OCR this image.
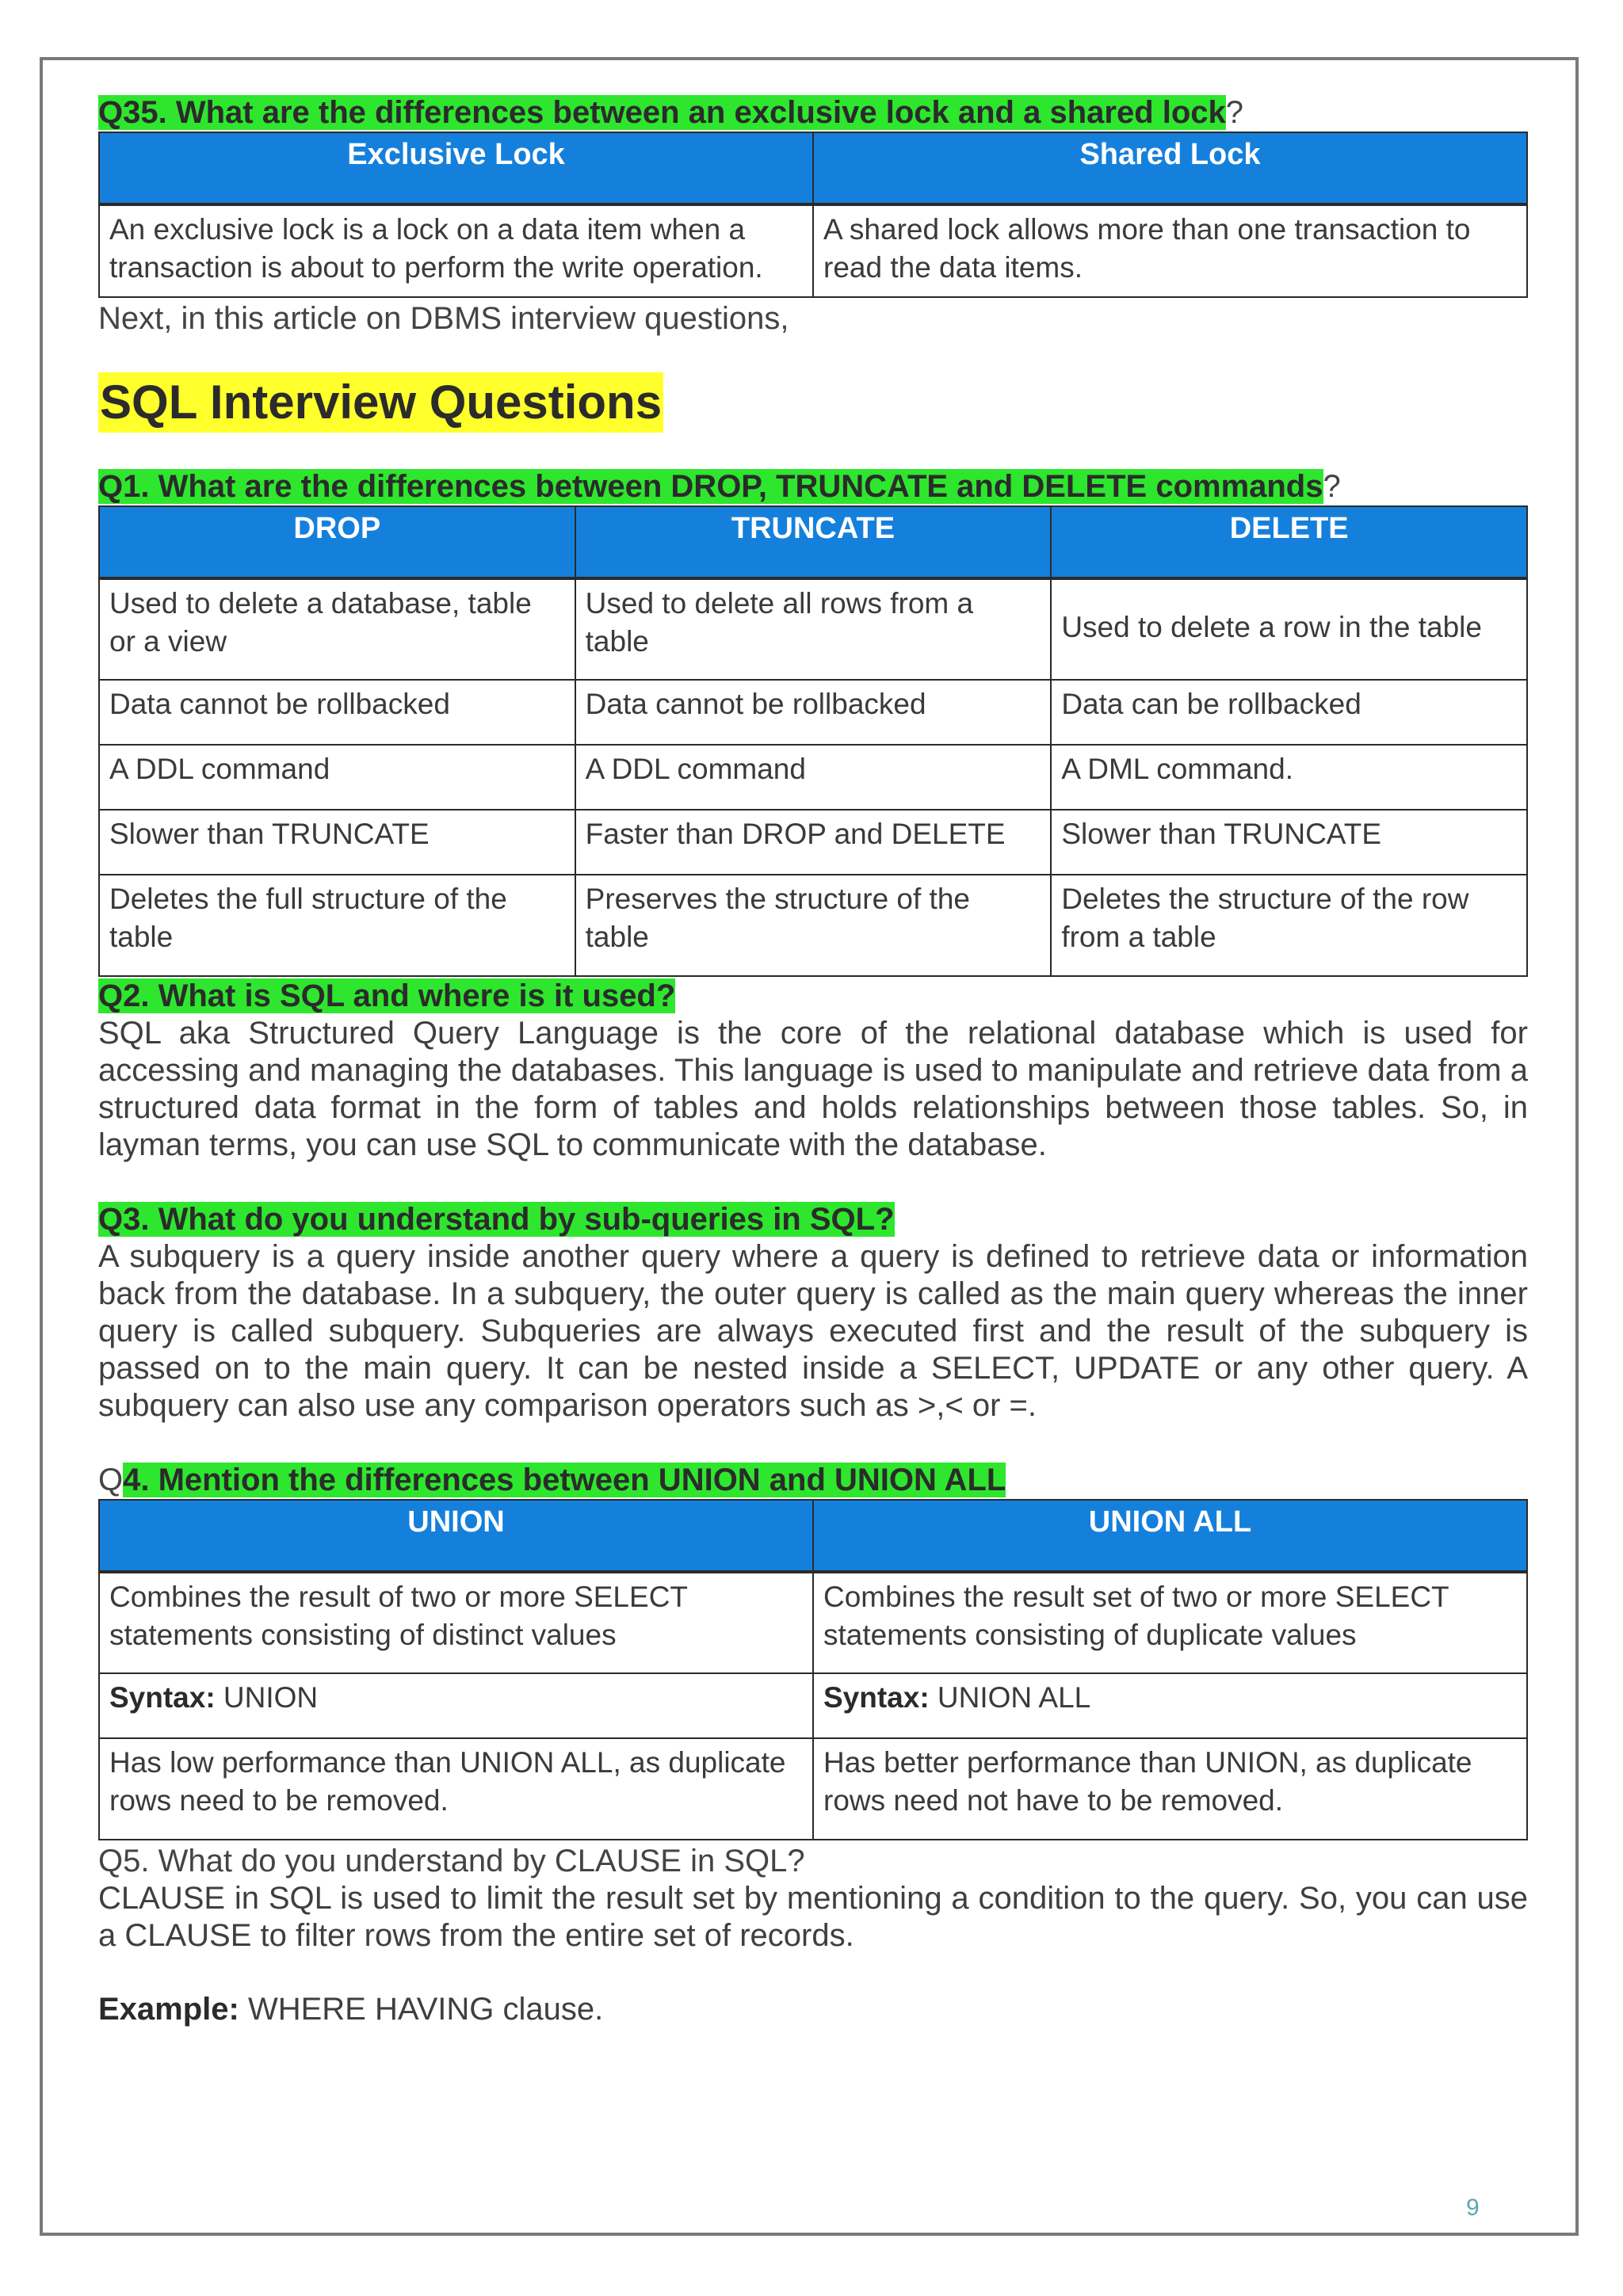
Q35. What are the differences between an exclusive lock and a shared lock?

Exclusive Lock	Shared Lock
An exclusive lock is a lock on a data item when a transaction is about to perform the write operation.	A shared lock allows more than one transaction to read the data items.

Next, in this article on DBMS interview questions,

SQL Interview Questions

Q1. What are the differences between DROP, TRUNCATE and DELETE commands?

DROP	TRUNCATE	DELETE
Used to delete a database, table or a view	Used to delete all rows from a table	Used to delete a row in the table
Data cannot be rollbacked	Data cannot be rollbacked	Data can be rollbacked
A DDL command	A DDL command	A DML command.
Slower than TRUNCATE	Faster than DROP and DELETE	Slower than TRUNCATE
Deletes the full structure of the table	Preserves the structure of the table	Deletes the structure of the row from a table

Q2. What is SQL and where is it used?

SQL aka Structured Query Language is the core of the relational database which is used for accessing and managing the databases. This language is used to manipulate and retrieve data from a structured data format in the form of tables and holds relationships between those tables. So, in layman terms, you can use SQL to communicate with the database.

Q3. What do you understand by sub-queries in SQL?

A subquery is a query inside another query where a query is defined to retrieve data or information back from the database. In a subquery, the outer query is called as the main query whereas the inner query is called subquery. Subqueries are always executed first and the result of the subquery is passed on to the main query. It can be nested inside a SELECT, UPDATE or any other query. A subquery can also use any comparison operators such as >,< or =.

Q4. Mention the differences between UNION and UNION ALL

UNION	UNION ALL
Combines the result of two or more SELECT statements consisting of distinct values	Combines the result set of two or more SELECT statements consisting of duplicate values
Syntax: UNION	Syntax: UNION ALL
Has low performance than UNION ALL, as duplicate rows need to be removed.	Has better performance than UNION, as duplicate rows need not have to be removed.

Q5. What do you understand by CLAUSE in SQL?

CLAUSE in SQL is used to limit the result set by mentioning a condition to the query. So, you can use a CLAUSE to filter rows from the entire set of records.

Example: WHERE HAVING clause.

9
